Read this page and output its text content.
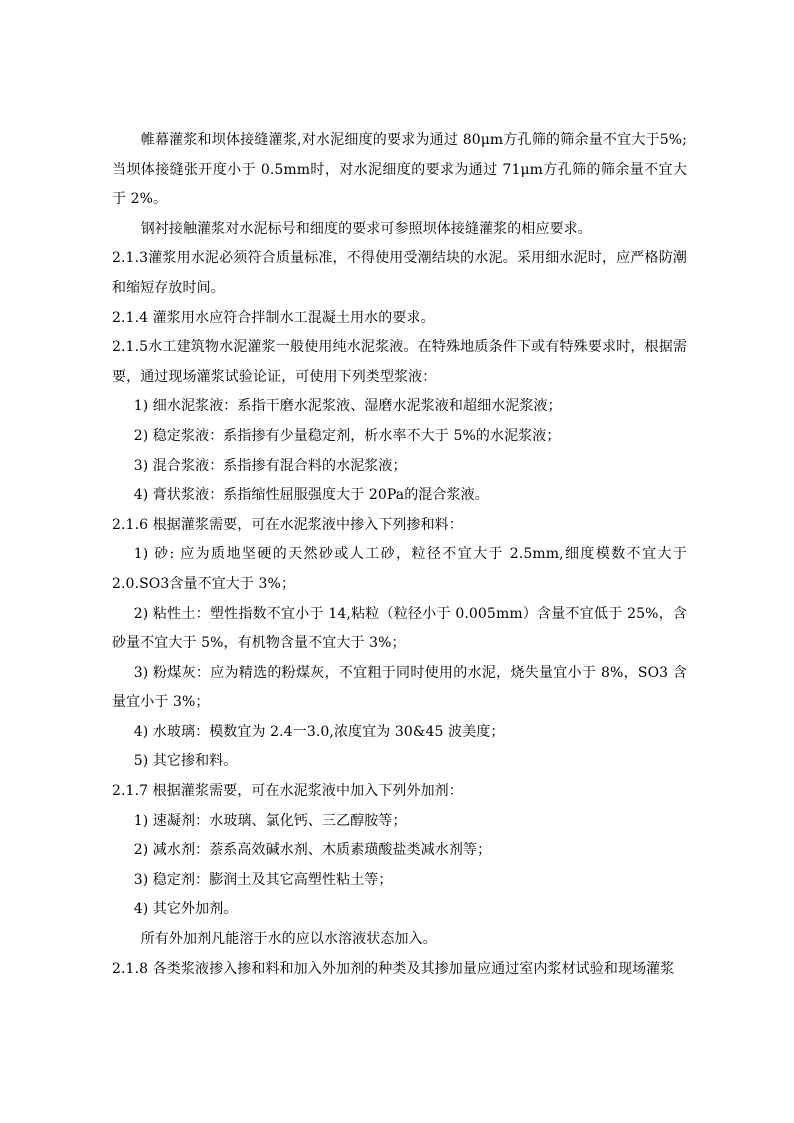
帷幕灌浆和坝体接缝灌浆,对水泥细度的要求为通过 80μm方孔筛的筛余量不宜大于5%;当坝体接缝张开度小于 0.5mm时，对水泥细度的要求为通过 71μm方孔筛的筛余量不宜大于 2%。

钢衬接触灌浆对水泥标号和细度的要求可参照坝体接缝灌浆的相应要求。

2.1.3灌浆用水泥必须符合质量标准，不得使用受潮结块的水泥。采用细水泥时，应严格防潮和缩短存放时间。

2.1.4 灌浆用水应符合拌制水工混凝土用水的要求。

2.1.5水工建筑物水泥灌浆一般使用纯水泥浆液。在特殊地质条件下或有特殊要求时，根据需要，通过现场灌浆试验论证，可使用下列类型浆液：

1) 细水泥浆液：系指干磨水泥浆液、湿磨水泥浆液和超细水泥浆液；

2) 稳定浆液：系指掺有少量稳定剂，析水率不大于 5%的水泥浆液；

3) 混合浆液：系指掺有混合料的水泥浆液；

4) 膏状浆液：系指缩性屈服强度大于 20Pa的混合浆液。

2.1.6 根据灌浆需要，可在水泥浆液中掺入下列掺和料：

1) 砂: 应为质地坚硬的天然砂或人工砂，粒径不宜大于 2.5mm,细度模数不宜大于 2.0.SO3含量不宜大于 3%；

2) 粘性土：塑性指数不宜小于 14,粘粒（粒径小于 0.005mm）含量不宜低于 25%，含砂量不宜大于 5%，有机物含量不宜大于 3%；

3) 粉煤灰：应为精选的粉煤灰，不宜粗于同时使用的水泥，烧失量宜小于 8%，SO3 含量宜小于 3%；

4) 水玻璃：模数宜为 2.4一3.0,浓度宜为 30&45 波美度；

5) 其它掺和料。

2.1.7 根据灌浆需要，可在水泥浆液中加入下列外加剂：

1) 速凝剂：水玻璃、氯化钙、三乙醇胺等；

2) 减水剂：萘系高效碱水剂、木质素璜酸盐类减水剂等；

3) 稳定剂：膨润土及其它高塑性粘土等；

4) 其它外加剂。

所有外加剂凡能溶于水的应以水溶液状态加入。

2.1.8 各类浆液掺入掺和料和加入外加剂的种类及其掺加量应通过室内浆材试验和现场灌浆
